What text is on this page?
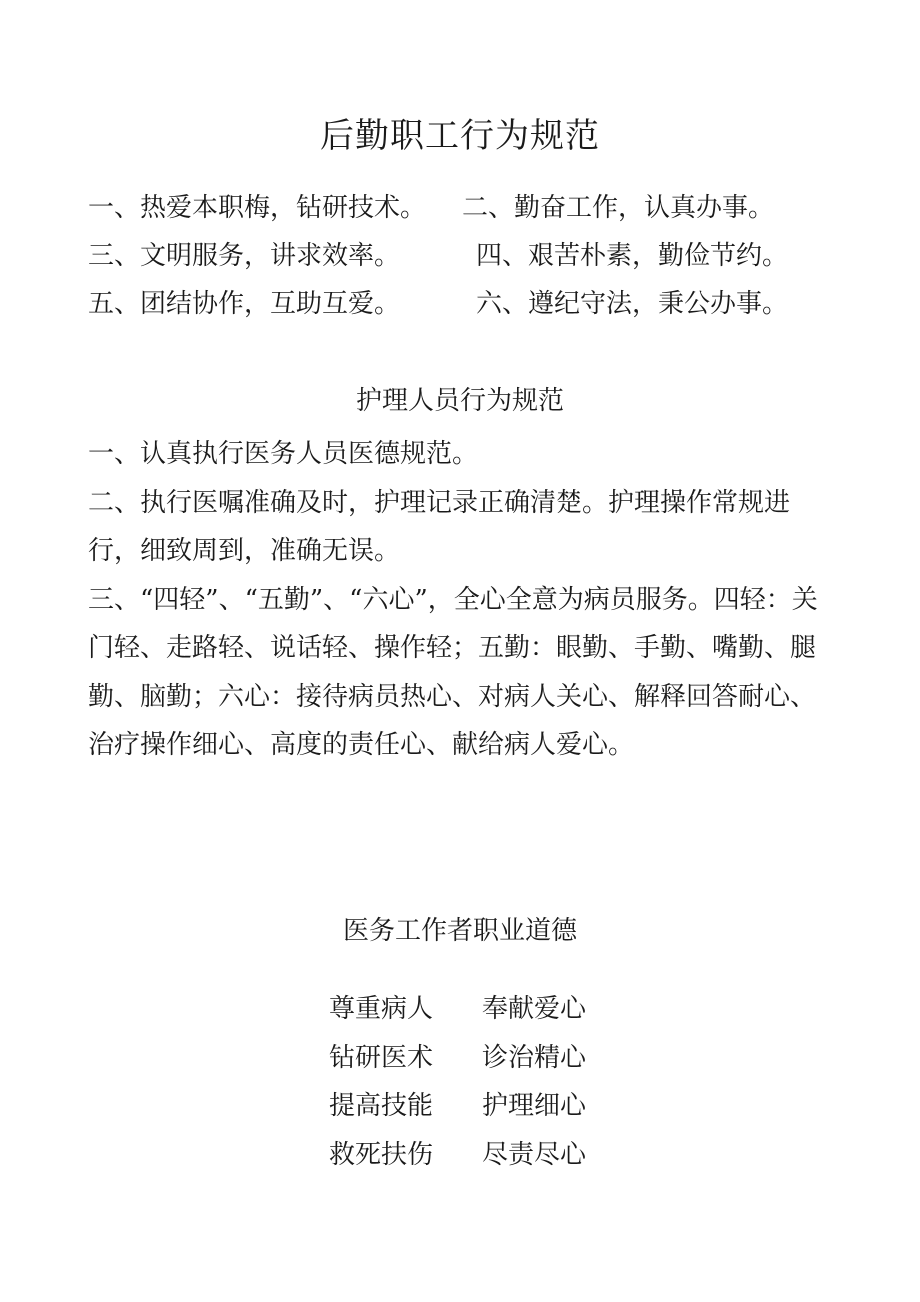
后勤职工行为规范
一、热爱本职梅，钻研技术。 二、勤奋工作，认真办事。
三、文明服务，讲求效率。	四、艰苦朴素，勤俭节约。
五、团结协作，互助互爱。	六、遵纪守法，秉公办事。
护理人员行为规范

一、认真执行医务人员医德规范。

二、执行医嘱准确及时，护理记录正确清楚。护理操作常规进行，细致周到，准确无误。

三、“四轻”、“五勤”、“六心”，全心全意为病员服务。四轻：关门轻、走路轻、说话轻、操作轻；五勤：眼勤、手勤、嘴勤、腿勤、脑勤；六心：接待病员热心、对病人关心、解释回答耐心、治疗操作细心、高度的责任心、献给病人爱心。

医务工作者职业道德
尊重病人 奉献爱心
钻研医术 诊治精心
提高技能 护理细心
救死扶伤 尽责尽心
